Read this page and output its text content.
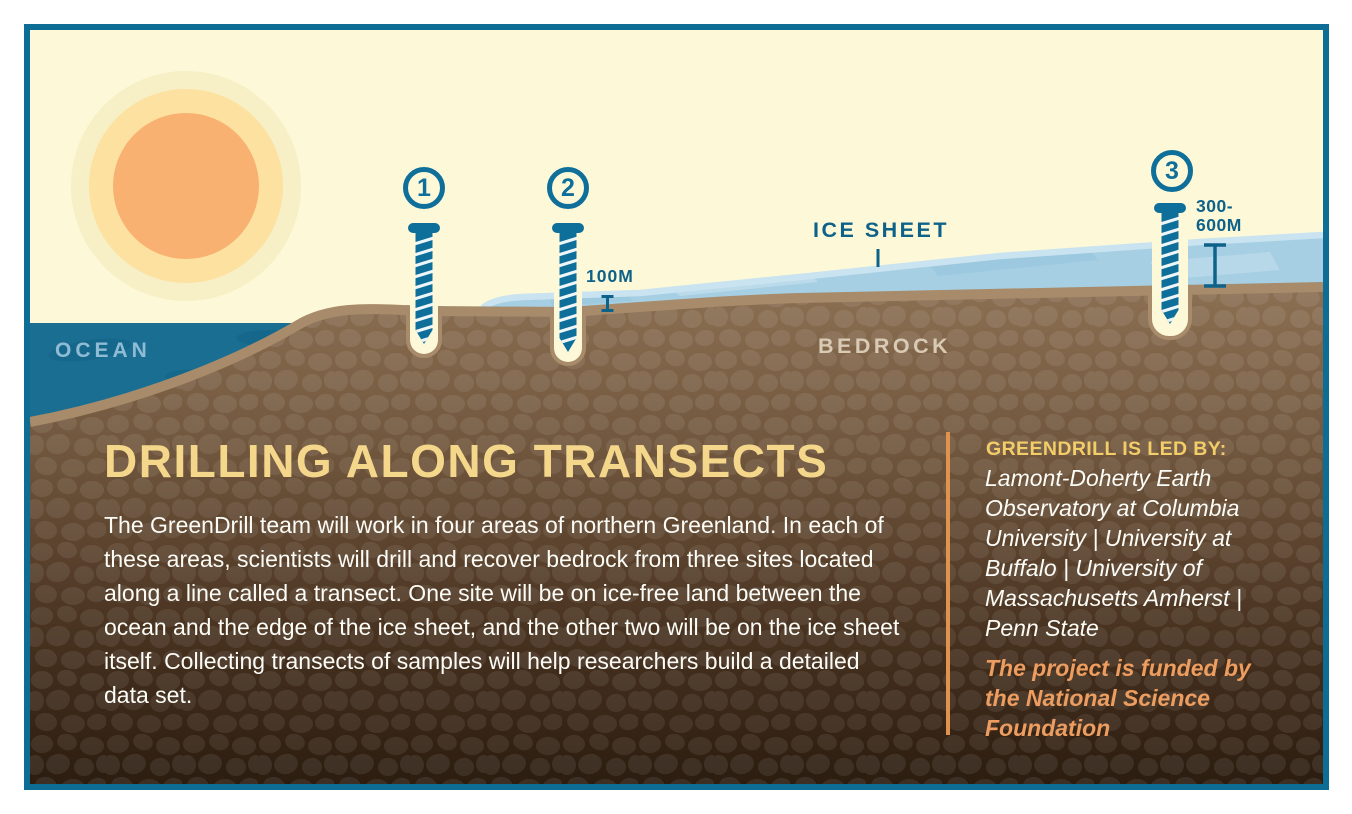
OCEAN
ICE SHEET
BEDROCK
100M
300-
600M
1	2
3
DRILLING ALONG TRANSECTS
The GreenDrill team will work in four areas of northern Greenland. In each of these areas, scientists will drill and recover bedrock from three sites located along a line called a transect. One site will be on ice-free land between the ocean and the edge of the ice sheet, and the other two will be on the ice sheet itself. Collecting transects of samples will help researchers build a detailed data set.
GREENDRILL IS LED BY:
Lamont-Doherty Earth
Observatory at Columbia
University | University at
Buffalo | University of
Massachusetts Amherst |
Penn State
The project is funded by
the National Science
Foundation
